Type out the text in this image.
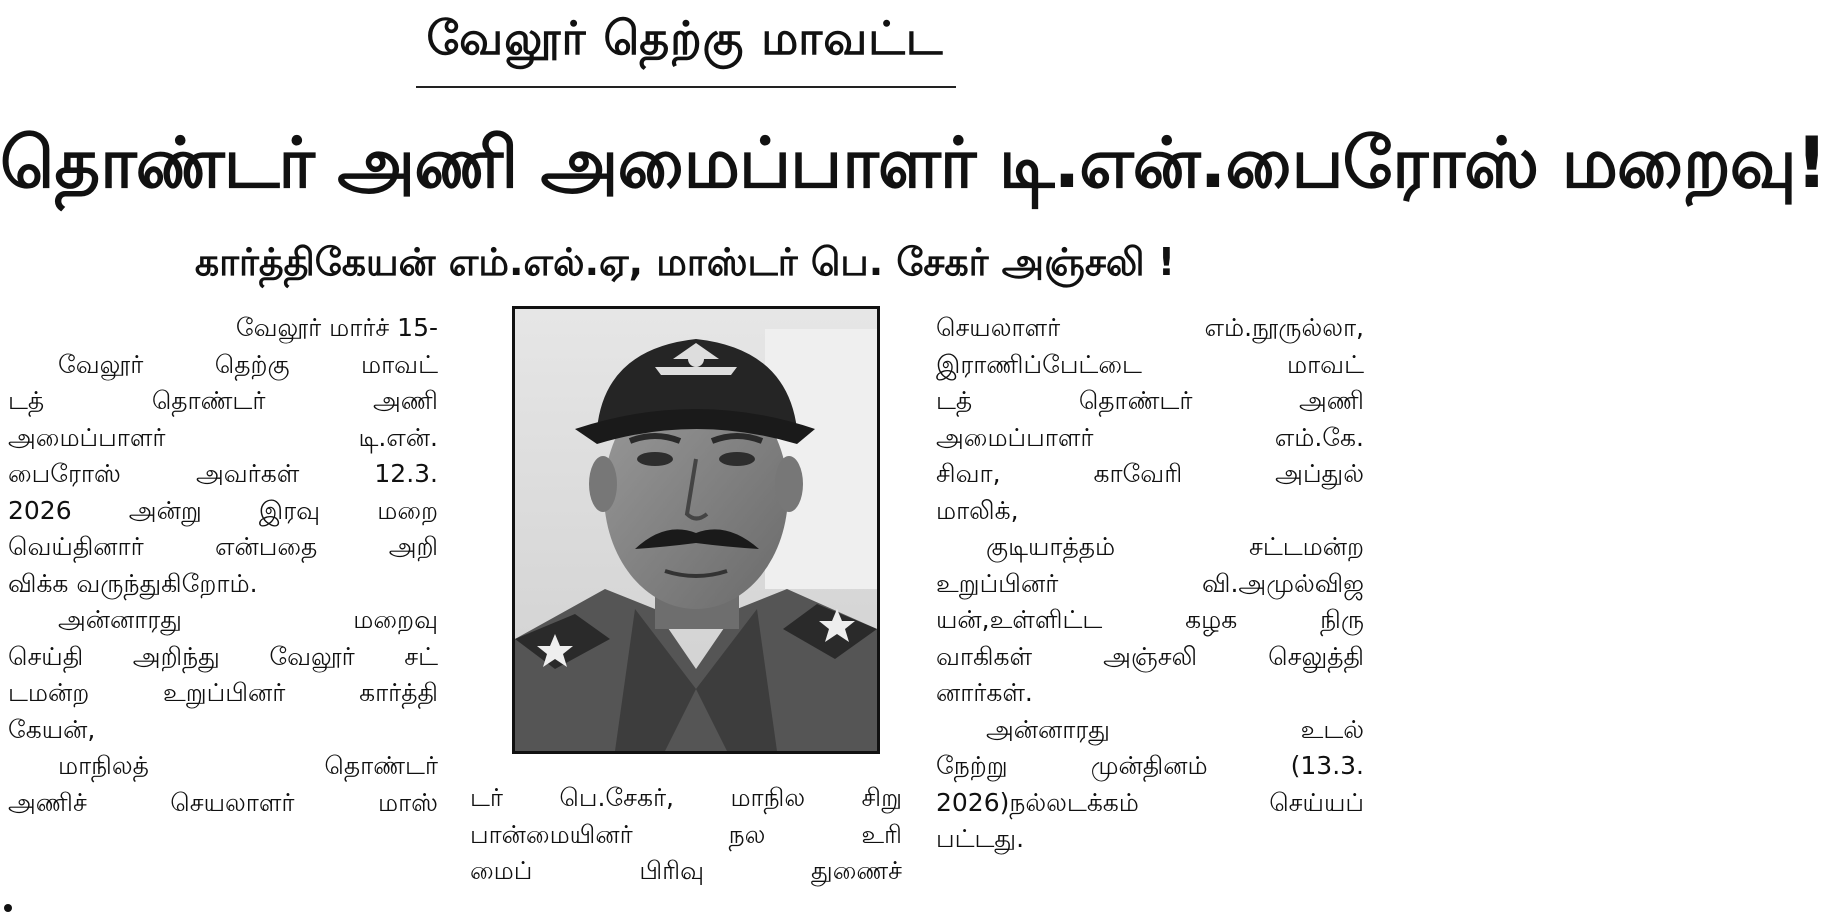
வேலூர் தெற்கு மாவட்ட
தொண்டர் அணி அமைப்பாளர் டி.என்.பைரோஸ் மறைவு!
கார்த்திகேயன் எம்.எல்.ஏ, மாஸ்டர் பெ. சேகர் அஞ்சலி !
வேலூர் மார்ச் 15-
வேலூர் தெற்கு மாவட்
டத் தொண்டர் அணி
அமைப்பாளர் டி.என்.
பைரோஸ் அவர்கள் 12.3.
2026 அன்று இரவு மறை
வெய்தினார் என்பதை அறி
விக்க வருந்துகிறோம்.
அன்னாரது மறைவு
செய்தி அறிந்து வேலூர் சட்
டமன்ற உறுப்பினர் கார்த்தி
கேயன்,
மாநிலத் தொண்டர்
அணிச் செயலாளர் மாஸ் டர் பெ.சேகர், மாநில சிறு
பான்மையினர் நல உரி
மைப் பிரிவு துணைச்
செயலாளர் எம்.நூருல்லா,
இராணிப்பேட்டை மாவட்
டத் தொண்டர் அணி
அமைப்பாளர் எம்.கே.
சிவா, காவேரி அப்துல்
மாலிக்,
குடியாத்தம் சட்டமன்ற
உறுப்பினர் வி.அமுல்விஜ
யன்,உள்ளிட்ட கழக நிரு
வாகிகள் அஞ்சலி செலுத்தி
னார்கள்.
அன்னாரது உடல்
நேற்று முன்தினம் (13.3.
2026)நல்லடக்கம் செய்யப்
பட்டது.
